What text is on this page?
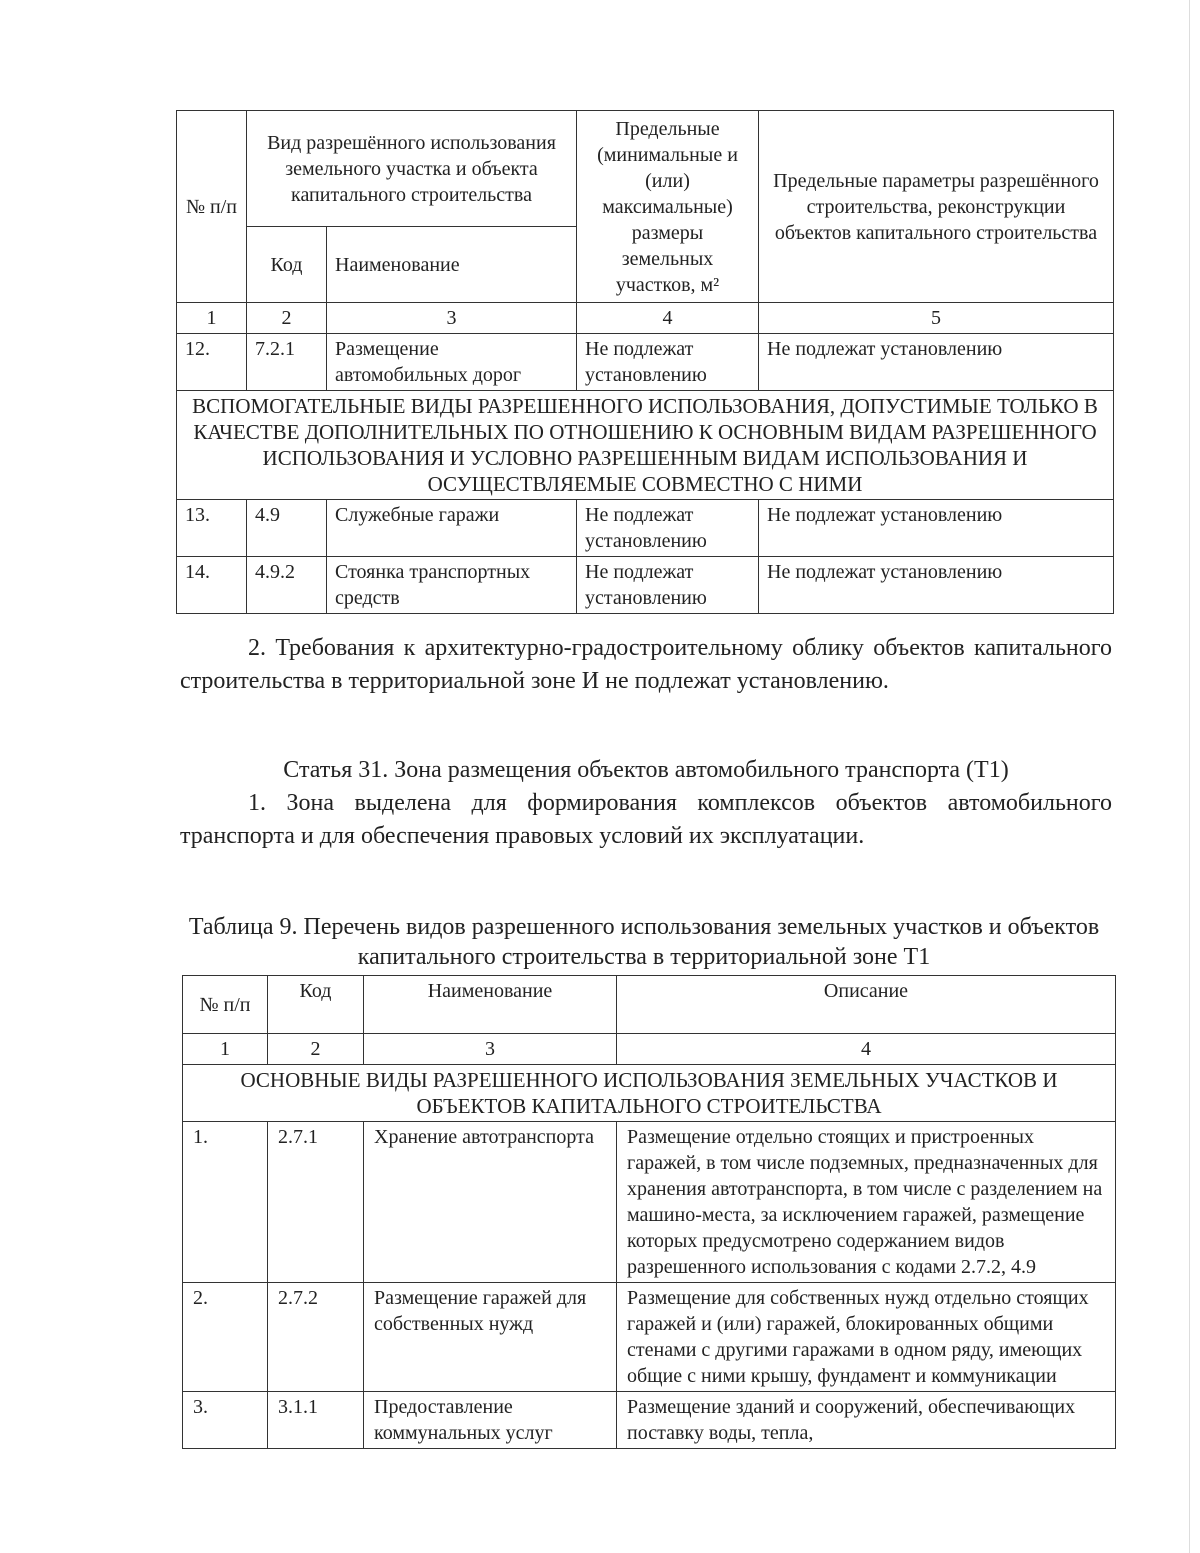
№ п/п	Вид разрешённого использования земельного участка и объекта капитального строительства		Предельные (минимальные и (или) максимальные) размеры земельных участков, м²	Предельные параметры разрешённого строительства, реконструкции объектов капитального строительства
	Код	Наименование		
1	2	3	4	5
12.	7.2.1	Размещение автомобильных дорог	Не подлежат установлению	Не подлежат установлению
ВСПОМОГАТЕЛЬНЫЕ ВИДЫ РАЗРЕШЕННОГО ИСПОЛЬЗОВАНИЯ, ДОПУСТИМЫЕ ТОЛЬКО В КАЧЕСТВЕ ДОПОЛНИТЕЛЬНЫХ ПО ОТНОШЕНИЮ К ОСНОВНЫМ ВИДАМ РАЗРЕШЕННОГО ИСПОЛЬЗОВАНИЯ И УСЛОВНО РАЗРЕШЕННЫМ ВИДАМ ИСПОЛЬЗОВАНИЯ И ОСУЩЕСТВЛЯЕМЫЕ СОВМЕСТНО С НИМИ				
13.	4.9	Служебные гаражи	Не подлежат установлению	Не подлежат установлению
14.	4.9.2	Стоянка транспортных средств	Не подлежат установлению	Не подлежат установлению

2. Требования к архитектурно-градостроительному облику объектов капитального строительства в территориальной зоне И не подлежат установлению.

Статья 31. Зона размещения объектов автомобильного транспорта (Т1)

1. Зона выделена для формирования комплексов объектов автомобильного транспорта и для обеспечения правовых условий их эксплуатации.

Таблица 9. Перечень видов разрешенного использования земельных участков и объектов капитального строительства в территориальной зоне Т1

№ п/п	Код	Наименование	Описание
1	2	3	4
ОСНОВНЫЕ ВИДЫ РАЗРЕШЕННОГО ИСПОЛЬЗОВАНИЯ ЗЕМЕЛЬНЫХ УЧАСТКОВ И ОБЪЕКТОВ КАПИТАЛЬНОГО СТРОИТЕЛЬСТВА			
1.	2.7.1	Хранение автотранспорта	Размещение отдельно стоящих и пристроенных гаражей, в том числе подземных, предназначенных для хранения автотранспорта, в том числе с разделением на машино-места, за исключением гаражей, размещение которых предусмотрено содержанием видов разрешенного использования с кодами 2.7.2, 4.9
2.	2.7.2	Размещение гаражей для собственных нужд	Размещение для собственных нужд отдельно стоящих гаражей и (или) гаражей, блокированных общими стенами с другими гаражами в одном ряду, имеющих общие с ними крышу, фундамент и коммуникации
3.	3.1.1	Предоставление коммунальных услуг	Размещение зданий и сооружений, обеспечивающих поставку воды, тепла,
